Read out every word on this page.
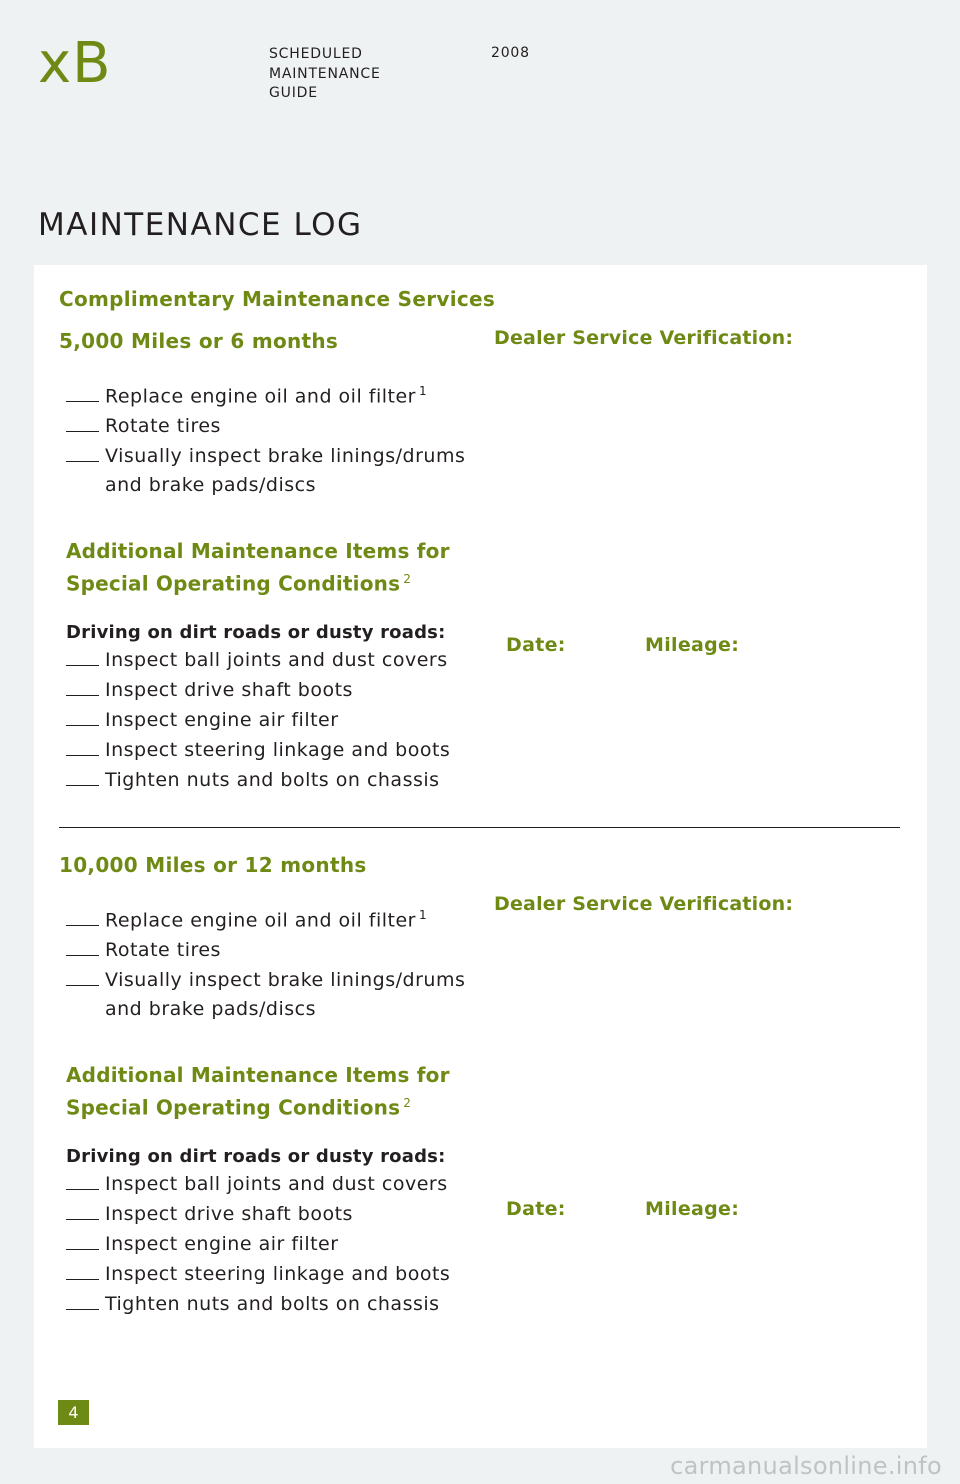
xB	SCHEDULED
MAINTENANCE
GUIDE
2008
MAINTENANCE LOG
Complimentary Maintenance Services
5,000 Miles or 6 months	Dealer Service Verification:
Replace engine oil and oil filter $^1$
Rotate tires
Visually inspect brake linings/drums
and brake pads/discs
Additional Maintenance Items for
Special Operating Conditions $^2$
Driving on dirt roads or dusty roads:
Inspect ball joints and dust covers
Inspect drive shaft boots
Inspect engine air filter
Inspect steering linkage and boots
Tighten nuts and bolts on chassis
Date:	Mileage:
10,000 Miles or 12 months
Dealer Service Verification:
Replace engine oil and oil filter $^1$
Rotate tires
Visually inspect brake linings/drums
and brake pads/discs
Additional Maintenance Items for
Special Operating Conditions $^2$
Driving on dirt roads or dusty roads:
Inspect ball joints and dust covers
Inspect drive shaft boots
Inspect engine air filter
Inspect steering linkage and boots
Tighten nuts and bolts on chassis
Date:	Mileage:
4
carmanualsonline.info
